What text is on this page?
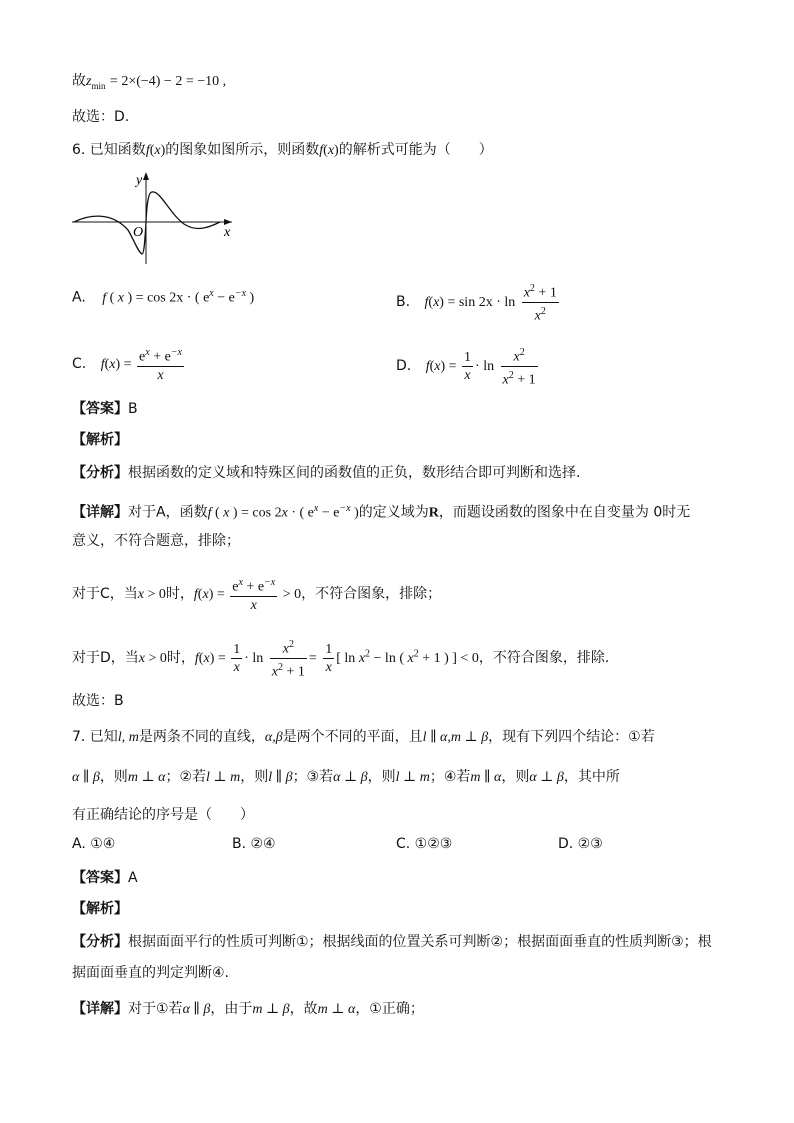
故$z_{min} = 2\times(-4) - 2 = -10$ ,
故选：D.
6. 已知函数f(x)的图象如图所示，则函数f(x)的解析式可能为（　　）
y
x
O
A. f ( x ) = cos 2x · ( $e^x - e^{-x}$ )	B. $f(x) = \sin 2x \cdot \ln \frac{x^2 + 1}{x^2}$
C. $f(x) = \frac{e^x + e^{-x}}{x}$	D. $f(x) = \frac{1}{x} \cdot \ln \frac{x^2}{x^2 + 1}$
【答案】B
【解析】
【分析】根据函数的定义域和特殊区间的函数值的正负，数形结合即可判断和选择.
【详解】对于A，函数f ( x ) = cos 2x · ( $e^x - e^{-x}$ )的定义域为R，而题设函数的图象中在自变量为 0时无
意义，不符合题意，排除；
对于C，当x > 0时，$f(x) = \frac{e^x + e^{-x}}{x} > 0$，不符合图象，排除；
对于D，当x > 0时，$f(x) = \frac{1}{x} \cdot \ln \frac{x^2}{x^2 + 1} = \frac{1}{x}$ [ $\ln x^2 - \ln$ ( $x^2 + 1$ ) ] < 0，不符合图象，排除.
故选：B
7. 已知l, m是两条不同的直线，α,β是两个不同的平面，且l ∥ α,m ⊥ β，现有下列四个结论：①若
α ∥ β，则m ⊥ α；②若l ⊥ m，则l ∥ β；③若α ⊥ β，则l ⊥ m；④若m ∥ α，则α ⊥ β，其中所
有正确结论的序号是（　　）
A. ①④	B. ②④	C. ①②③	D. ②③
【答案】A
【解析】
【分析】根据面面平行的性质可判断①；根据线面的位置关系可判断②；根据面面垂直的性质判断③；根
据面面垂直的判定判断④.
【详解】对于①若α ∥ β，由于m ⊥ β，故m ⊥ α，①正确；
